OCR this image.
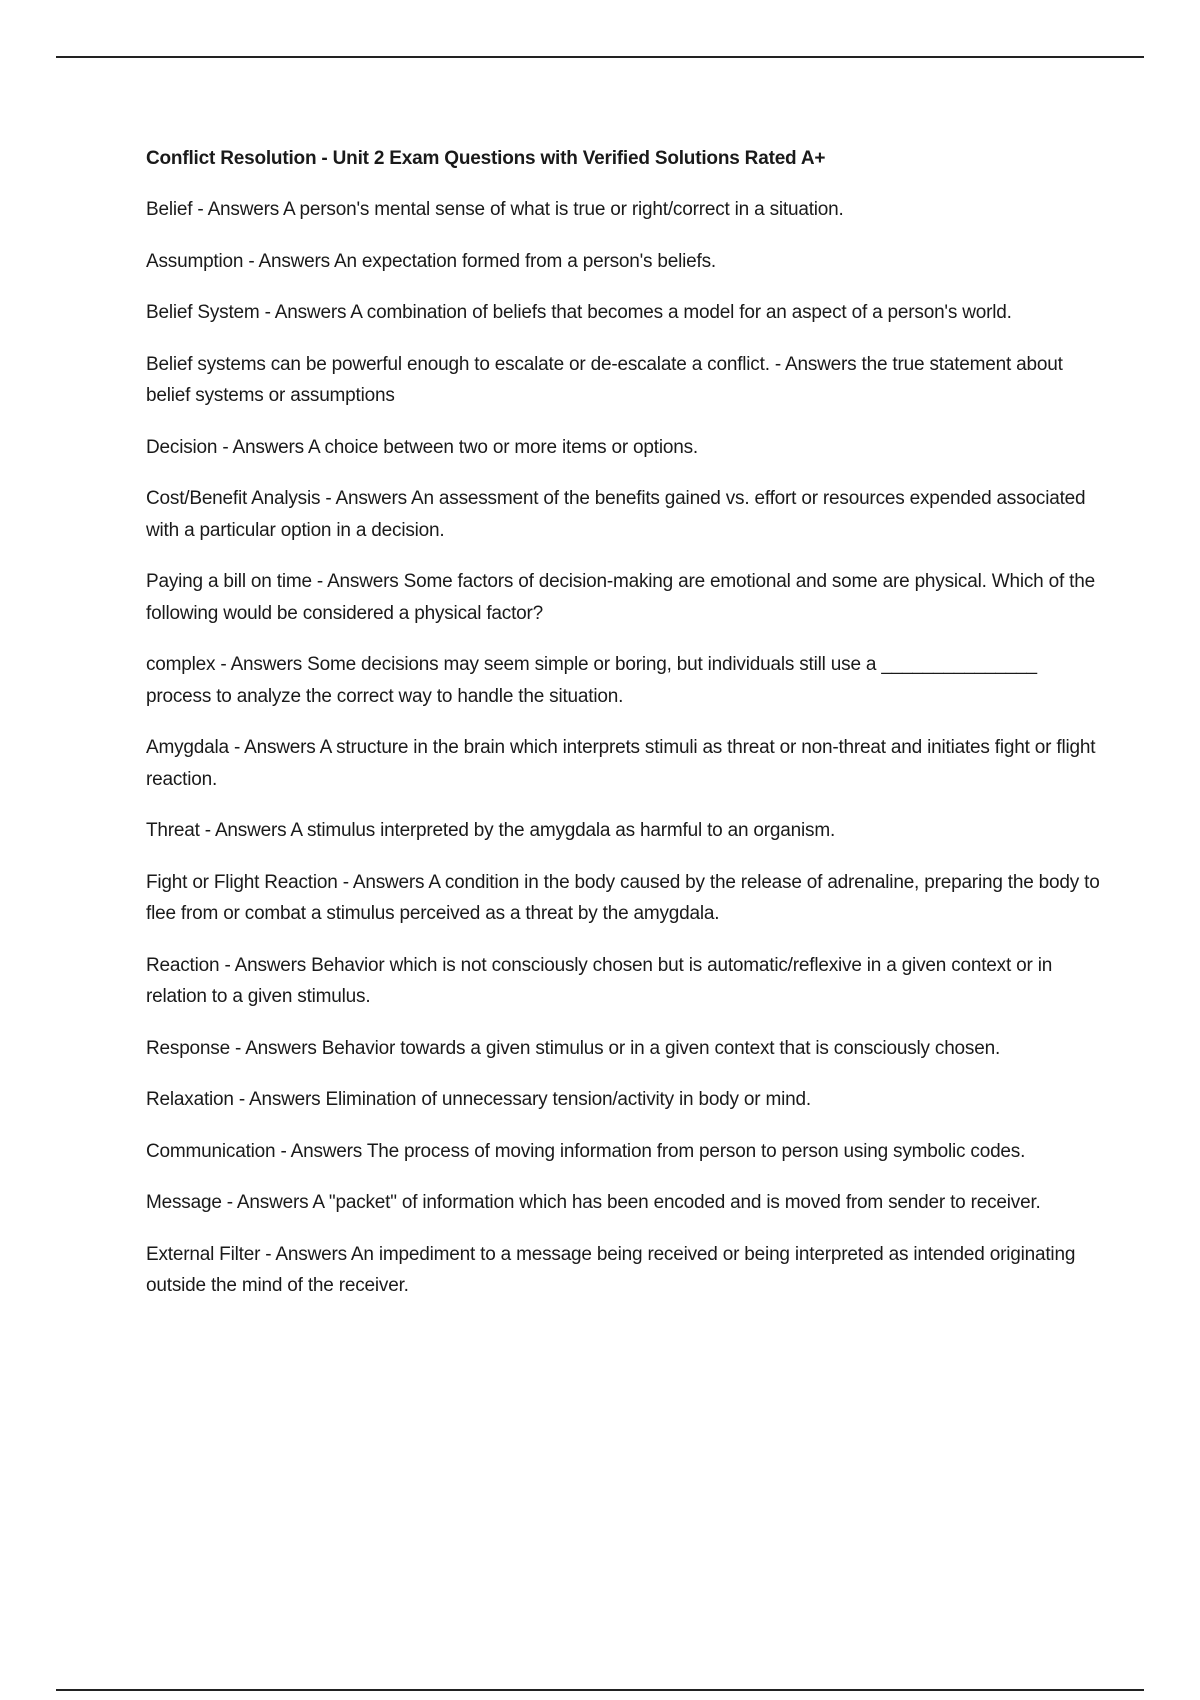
Conflict Resolution - Unit 2 Exam Questions with Verified Solutions Rated A+
Belief - Answers A person's mental sense of what is true or right/correct in a situation.
Assumption - Answers An expectation formed from a person's beliefs.
Belief System - Answers A combination of beliefs that becomes a model for an aspect of a person's world.
Belief systems can be powerful enough to escalate or de-escalate a conflict. - Answers the true statement about belief systems or assumptions
Decision - Answers A choice between two or more items or options.
Cost/Benefit Analysis - Answers An assessment of the benefits gained vs. effort or resources expended associated with a particular option in a decision.
Paying a bill on time - Answers Some factors of decision-making are emotional and some are physical. Which of the following would be considered a physical factor?
complex - Answers Some decisions may seem simple or boring, but individuals still use a _______________ process to analyze the correct way to handle the situation.
Amygdala - Answers A structure in the brain which interprets stimuli as threat or non-threat and initiates fight or flight reaction.
Threat - Answers A stimulus interpreted by the amygdala as harmful to an organism.
Fight or Flight Reaction - Answers A condition in the body caused by the release of adrenaline, preparing the body to flee from or combat a stimulus perceived as a threat by the amygdala.
Reaction - Answers Behavior which is not consciously chosen but is automatic/reflexive in a given context or in relation to a given stimulus.
Response - Answers Behavior towards a given stimulus or in a given context that is consciously chosen.
Relaxation - Answers Elimination of unnecessary tension/activity in body or mind.
Communication - Answers The process of moving information from person to person using symbolic codes.
Message - Answers A "packet" of information which has been encoded and is moved from sender to receiver.
External Filter - Answers An impediment to a message being received or being interpreted as intended originating outside the mind of the receiver.
